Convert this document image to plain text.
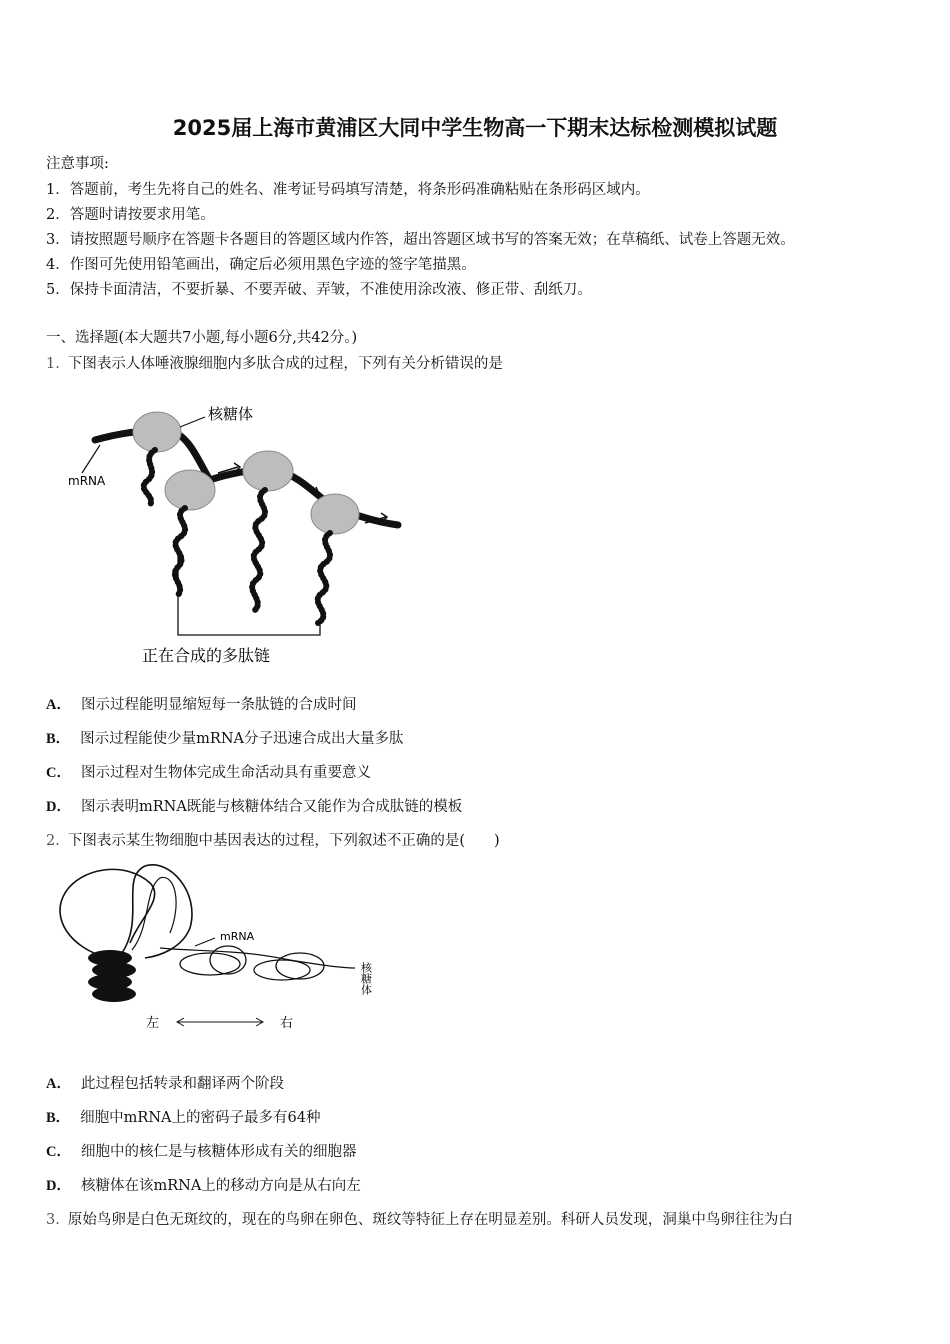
2025届上海市黄浦区大同中学生物高一下期末达标检测模拟试题
注意事项:
1．答题前，考生先将自己的姓名、准考证号码填写清楚，将条形码准确粘贴在条形码区域内。
2．答题时请按要求用笔。
3．请按照题号顺序在答题卡各题目的答题区域内作答，超出答题区域书写的答案无效；在草稿纸、试卷上答题无效。
4．作图可先使用铅笔画出，确定后必须用黑色字迹的签字笔描黑。
5．保持卡面清洁，不要折暴、不要弄破、弄皱，不准使用涂改液、修正带、刮纸刀。
一、选择题(本大题共7小题,每小题6分,共42分。)
1. 下图表示人体唾液腺细胞内多肽合成的过程，下列有关分析错误的是
核糖体
mRNA
正在合成的多肽链
A． 图示过程能明显缩短每一条肽链的合成时间
B． 图示过程能使少量mRNA分子迅速合成出大量多肽
C． 图示过程对生物体完成生命活动具有重要意义
D． 图示表明mRNA既能与核糖体结合又能作为合成肽链的模板
2. 下图表示某生物细胞中基因表达的过程，下列叙述不正确的是(　　)
mRNA
核糖体
左	右
A． 此过程包括转录和翻译两个阶段
B． 细胞中mRNA上的密码子最多有64种
C． 细胞中的核仁是与核糖体形成有关的细胞器
D． 核糖体在该mRNA上的移动方向是从右向左
3. 原始鸟卵是白色无斑纹的，现在的鸟卵在卵色、斑纹等特征上存在明显差别。科研人员发现，洞巢中鸟卵往往为白
